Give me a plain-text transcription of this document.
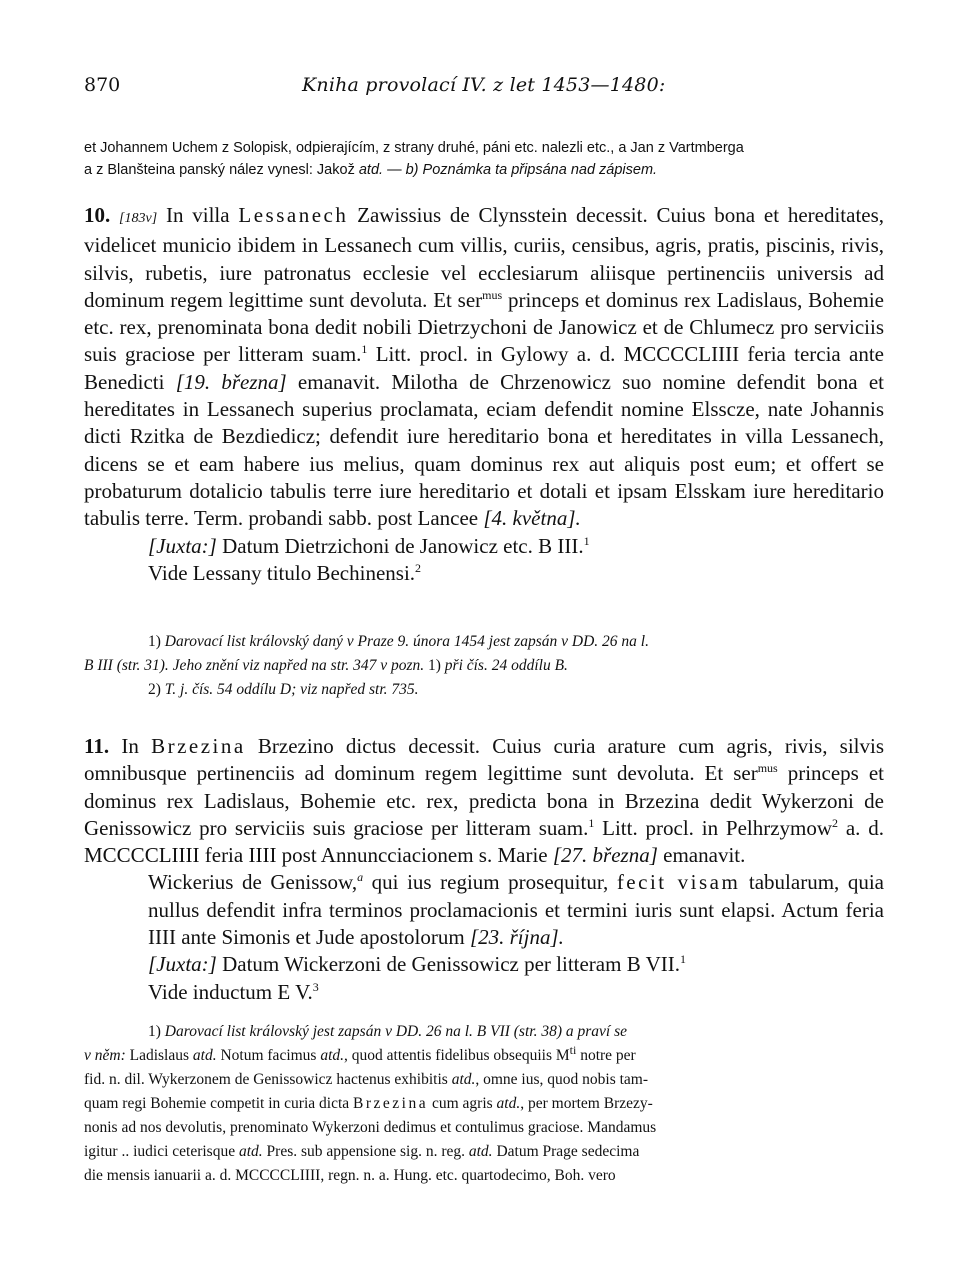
870	Kniha provolací IV. z let 1453—1480:

et Johannem Uchem z Solopisk, odpierajícím, z strany druhé, páni etc. nalezli etc., a Jan z Vartmberga

a z Blanšteina panský nález vynesl: Jakož atd. — b) Poznámka ta připsána nad zápisem.

10. [183v] In villa Lessanech Zawissius de Clynsstein decessit. Cuius bona et hereditates, videlicet municio ibidem in Lessanech cum villis, curiis, censibus, agris, pratis, piscinis, rivis, silvis, rubetis, iure patronatus ecclesie vel ecclesiarum aliisque pertinenciis universis ad dominum regem legittime sunt devoluta. Et ser$^{mus}$ princeps et dominus rex Ladislaus, Bohemie etc. rex, prenominata bona dedit nobili Dietrzychoni de Janowicz et de Chlumecz pro serviciis suis graciose per litteram suam.$^1$ Litt. procl. in Gylowy a. d. MCCCCLIIII feria tercia ante Benedicti [19. března] emanavit. Milotha de Chrzenowicz suo nomine defendit bona et hereditates in Lessanech superius proclamata, eciam defendit nomine Elsscze, nate Johannis dicti Rzitka de Bezdiedicz; defendit iure hereditario bona et hereditates in villa Lessanech, dicens se et eam habere ius melius, quam dominus rex aut aliquis post eum; et offert se probaturum dotalicio tabulis terre iure hereditario et dotali et ipsam Elsskam iure hereditario tabulis terre. Term. probandi sabb. post Lancee [4. května].

[Juxta:] Datum Dietrzichoni de Janowicz etc. B III.$^1$

Vide Lessany titulo Bechinensi.$^2$

1) Darovací list královský daný v Praze 9. února 1454 jest zapsán v DD. 26 na l.

B III (str. 31). Jeho znění viz napřed na str. 347 v pozn. 1) při čís. 24 oddílu B.

2) T. j. čís. 54 oddílu D; viz napřed str. 735.

11. In Brzezina Brzezino dictus decessit. Cuius curia arature cum agris, rivis, silvis omnibusque pertinenciis ad dominum regem legittime sunt devoluta. Et ser$^{mus}$ princeps et dominus rex Ladislaus, Bohemie etc. rex, predicta bona in Brzezina dedit Wykerzoni de Genissowicz pro serviciis suis graciose per litteram suam.$^1$ Litt. procl. in Pelhrzymow$^2$ a. d. MCCCCLIIII feria IIII post Annuncciacionem s. Marie [27. března] emanavit.

Wickerius de Genissow,$^a$ qui ius regium prosequitur, fecit visam tabularum, quia nullus defendit infra terminos proclamacionis et termini iuris sunt elapsi. Actum feria IIII ante Simonis et Jude apostolorum [23. října].

[Juxta:] Datum Wickerzoni de Genissowicz per litteram B VII.$^1$

Vide inductum E V.$^3$

1) Darovací list královský jest zapsán v DD. 26 na l. B VII (str. 38) a praví se

v něm: Ladislaus atd. Notum facimus atd., quod attentis fidelibus obsequiis $M^{ti}$ notre per

fid. n. dil. Wykerzonem de Genissowicz hactenus exhibitis atd., omne ius, quod nobis tam-

quam regi Bohemie competit in curia dicta Brzezina cum agris atd., per mortem Brzezy-

nonis ad nos devolutis, prenominato Wykerzoni dedimus et contulimus graciose. Mandamus

igitur .. iudici ceterisque atd. Pres. sub appensione sig. n. reg. atd. Datum Prage sedecima

die mensis ianuarii a. d. MCCCCLIIII, regn. n. a. Hung. etc. quartodecimo, Boh. vero
